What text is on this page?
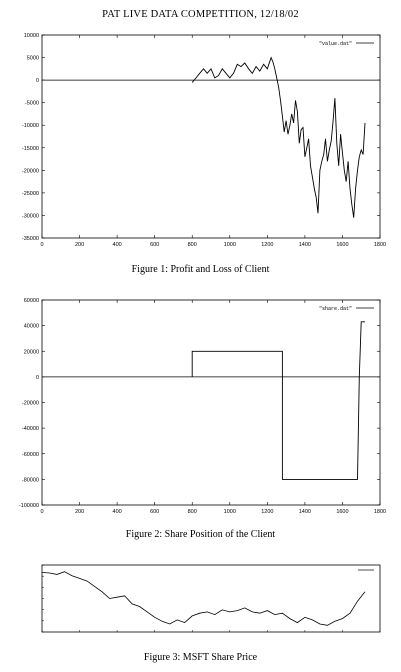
PAT LIVE DATA COMPETITION, 12/18/02
0	200	400	600	800	1000	1200	1400	1600	1800
10000
5000
0
-5000
-10000
-15000
-20000
-25000
-30000
-35000
"value.dat"
0	200	400	600	800	1000	1200	1400	1600	1800
60000
40000
20000
0
-20000
-40000
-60000
-80000
-100000
"share.dat"
Figure 1: Profit and Loss of Client
Figure 2: Share Position of the Client
Figure 3: MSFT Share Price
